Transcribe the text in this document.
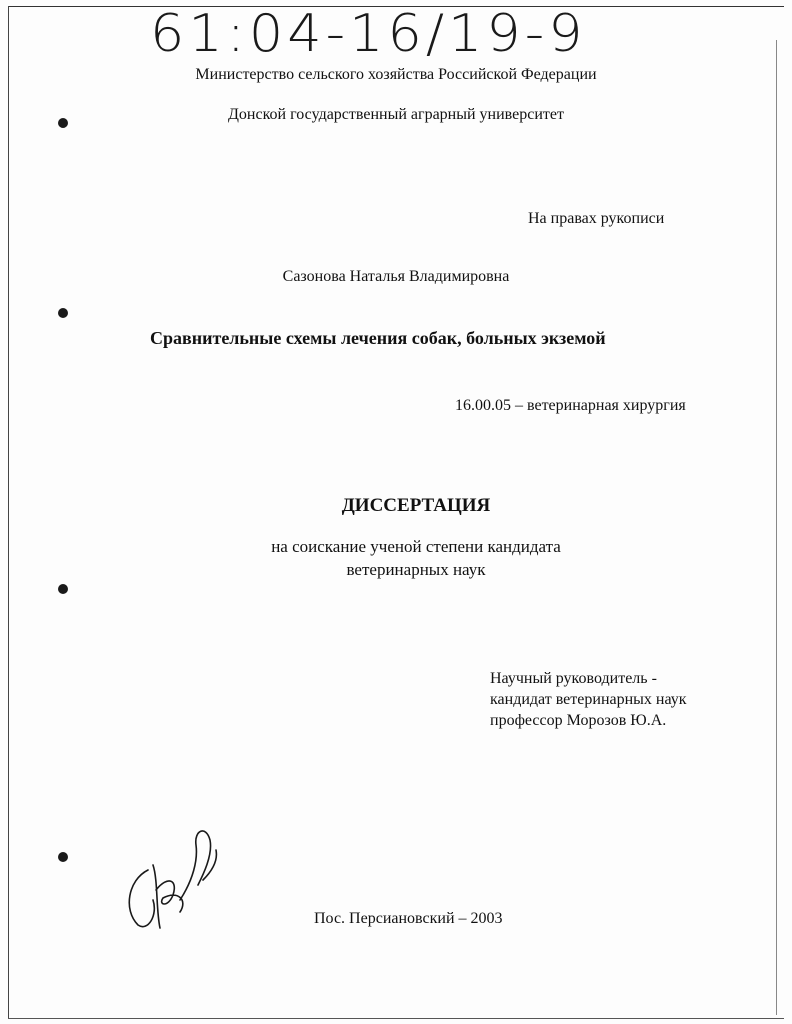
61:04-16/19-9
Министерство сельского хозяйства Российской Федерации
Донской государственный аграрный университет
На правах рукописи
Сазонова Наталья Владимировна
Сравнительные схемы лечения собак, больных экземой
16.00.05 – ветеринарная хирургия
ДИССЕРТАЦИЯ
на соискание ученой степени кандидата
ветеринарных наук
Научный руководитель -
кандидат ветеринарных наук
профессор Морозов Ю.А.
Пос. Персиановский – 2003
